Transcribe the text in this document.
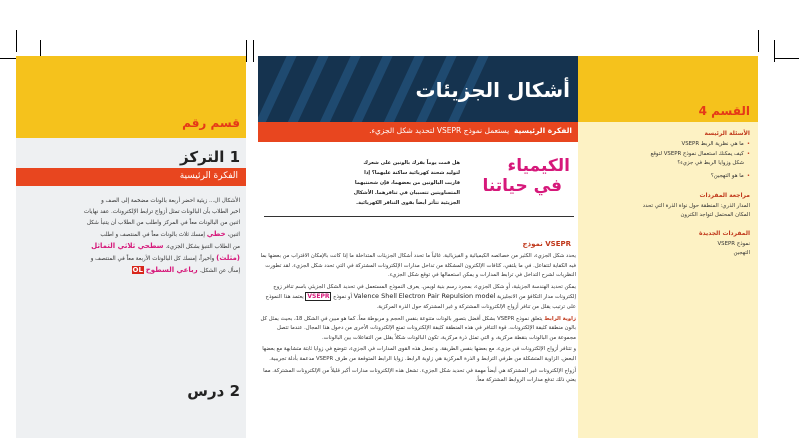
قسم رقم
1 التركز
الفكرة الرئيسية
الأشكال ال... زيئية احضر أربعة بالونات مضخمة إلى الصف و
اخبر الطلاب بأن البالونات تمثل أزواج ترابط الإلكترونات. عقد نهايات
اثنين من البالونات معاً في المركز واطلب من الطلاب أن يتنبأ شكل
اثنين، خطي إمسك ثلاث بالونات معاً في المنتصف و اطلب
من الطلاب التنبؤ بشكل الجزيء. سطحي ثلاثي التماثل
(مثلث) وأخيراً، إمسك كل البالونات الأربعة معاً في المنتصف و
إسأل عن الشكل. رباعي السطوح OL
2 درس
أشكال الجزيئات
الفكرة الرئيسية  يستعمل نموذج VSEPR لتحديد شكل الجزيء.
الكيمياء
في حياتنا
هل قمت يوماً بفرك بالونين على شعرك لتوليد شحنة كهربائية ساكنة عليهما؟ إذا قاربت البالونين من بعضهما، فإن شحنتيهما المتساويتين تتسببان في تنافرهما. الأشكال الجزيئية تتأثر أيضاً بقوى التنافر الكهربائية.
نموذج VSEPR

يحدد شكل الجزيء، الكثير من خصائصه الكيميائية و الفيزيائية. غالباً ما تحدد أشكال الجزيئات المتداخلة ما إذا كانت بالإمكان الاقتراب من بعضها بما فيه الكفاية لتتفاعل. في ما يلتقي، كثافات الإلكترون المشكلة من تداخل مدارات الإلكترونات المشتركة في التي تحدد شكل الجزيء. لقد تطورت النظريات لشرح التداخل في ترابط المدارات و يمكن استعمالها في توقع شكل الجزيء.

يمكن تحديد الهندسة الجزيئية، أو شكل الجزيء، بمجرد رسم بنية لويس. يعرف النموذج المستعمل في تحديد الشكل الجزيئي باسم تنافر زوج إلكترونات مدار التكافؤ من الانجليزية Valence Shell Electron Pair Repulsion model أو نموذج VSEPR يعتمد هذا النموذج على ترتيب يقلل من تنافر أزواج الإلكترونات المشتركة و غير المشتركة حول الذرة المركزية.

زاوية الرابط يتعلق نموذج VSEPR بشكل أفضل بتصور بالونات متنوعة بنفس الحجم و مربوطة معاً. كما هو مبين في الشكل 18، بحيث يمثل كل بالون منطقة كثيفة الإلكترونات. قوة التنافر في هذه المنطقة كثيفة الإلكترونات تمنع الإلكترونات الأخرى من دخول هذا المجال. عندما تتصل مجموعة من البالونات بنقطة مركزية، و التي تمثل ذرة مركزية، تكون البالونات شكلاً يقلل من التفاعلات بين البالونات.

و تتنافر أزواج الإلكترونات في جزيء، مع بعضها بنفس الطريقة. و تجعل هذه القوى المدارات في الجزيء، تتوضع في زوايا ثابتة متشابهة مع بعضها البعض. الزاوية المتشكلة من طرفي الترابط و الذرة المركزية هي زاوية الرابط. زوايا الرابط المتوقعة من طرف VSEPR مدعمة بأدلة تجريبية.

أزواج الإلكترونات غير المشتركة هي أيضاً مهمة في تحديد شكل الجزيء. تشغل هذه الإلكترونات مدارات أكبر قليلاً من الإلكترونات المشتركة. مما يعني ذلك تدفع مدارات الروابط المشتركة معاً.

القسم 4
الأسئلة الرئيسة
•ما هي نظرية الربط VSEPR
•كيف يمكنك استعمال نموذج VSEPR لتوقع
شكل وزوايا الربط في جزيء؟
•ما هو التهجين؟
مراجعة المفردات
المدار الذري: المنطقة حول نواة الذرة التي تحدد
المكان المحتمل لتواجد الكترون
المفردات الجديدة
نموذج VSEPR
التهجين
